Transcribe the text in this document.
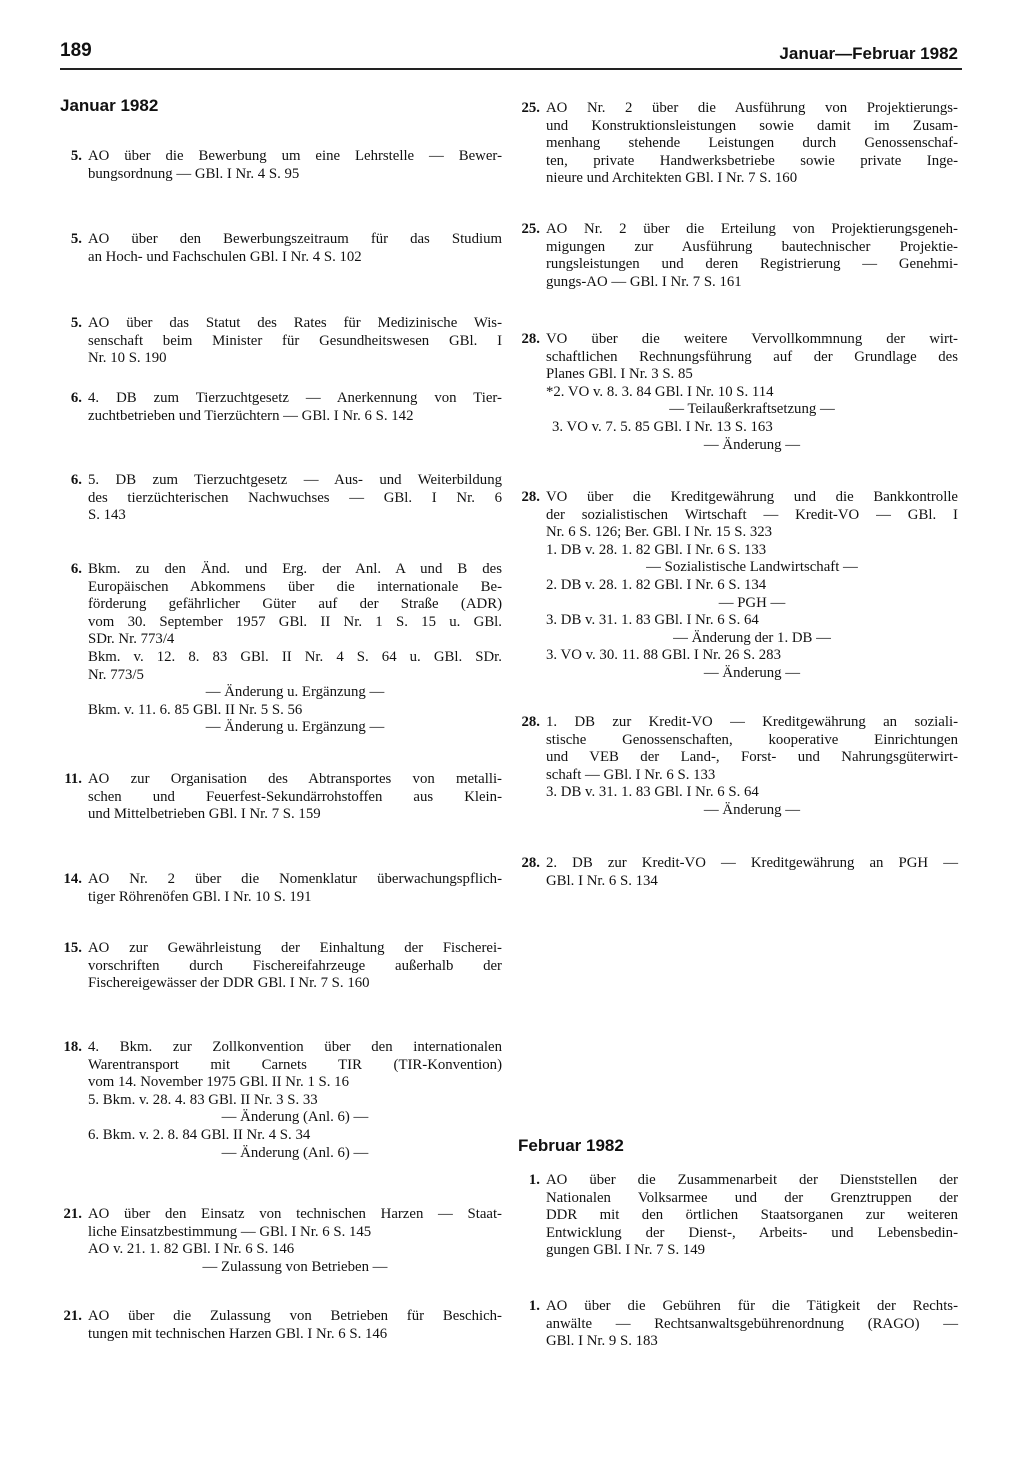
189	Januar—Februar 1982
Januar 1982
Februar 1982
5. AO über die Bewerbung um eine Lehrstelle — Bewer-
bungsordnung — GBl. I Nr. 4 S. 95
5. AO über den Bewerbungszeitraum für das Studium
an Hoch- und Fachschulen GBl. I Nr. 4 S. 102
5. AO über das Statut des Rates für Medizinische Wis-
senschaft beim Minister für Gesundheitswesen GBl. I
Nr. 10 S. 190
6. 4. DB zum Tierzuchtgesetz — Anerkennung von Tier-
zuchtbetrieben und Tierzüchtern — GBl. I Nr. 6 S. 142
6. 5. DB zum Tierzuchtgesetz — Aus- und Weiterbildung
des tierzüchterischen Nachwuchses — GBl. I Nr. 6
S. 143
6. Bkm. zu den Änd. und Erg. der Anl. A und B des
Europäischen Abkommens über die internationale Be-
förderung gefährlicher Güter auf der Straße (ADR)
vom 30. September 1957 GBl. II Nr. 1 S. 15 u. GBl.
SDr. Nr. 773/4
Bkm. v. 12. 8. 83 GBl. II Nr. 4 S. 64 u. GBl. SDr.
Nr. 773/5
— Änderung u. Ergänzung —
Bkm. v. 11. 6. 85 GBl. II Nr. 5 S. 56
— Änderung u. Ergänzung —
11. AO zur Organisation des Abtransportes von metalli-
schen und Feuerfest-Sekundärrohstoffen aus Klein-
und Mittelbetrieben GBl. I Nr. 7 S. 159
14. AO Nr. 2 über die Nomenklatur überwachungspflich-
tiger Röhrenöfen GBl. I Nr. 10 S. 191
15. AO zur Gewährleistung der Einhaltung der Fischerei-
vorschriften durch Fischereifahrzeuge außerhalb der
Fischereigewässer der DDR GBl. I Nr. 7 S. 160
18. 4. Bkm. zur Zollkonvention über den internationalen
Warentransport mit Carnets TIR (TIR-Konvention)
vom 14. November 1975 GBl. II Nr. 1 S. 16
5. Bkm. v. 28. 4. 83 GBl. II Nr. 3 S. 33
— Änderung (Anl. 6) —
6. Bkm. v. 2. 8. 84 GBl. II Nr. 4 S. 34
— Änderung (Anl. 6) —
21. AO über den Einsatz von technischen Harzen — Staat-
liche Einsatzbestimmung — GBl. I Nr. 6 S. 145
AO v. 21. 1. 82 GBl. I Nr. 6 S. 146
— Zulassung von Betrieben —
21. AO über die Zulassung von Betrieben für Beschich-
tungen mit technischen Harzen GBl. I Nr. 6 S. 146
25. AO Nr. 2 über die Ausführung von Projektierungs-
und Konstruktionsleistungen sowie damit im Zusam-
menhang stehende Leistungen durch Genossenschaf-
ten, private Handwerksbetriebe sowie private Inge-
nieure und Architekten GBl. I Nr. 7 S. 160
25. AO Nr. 2 über die Erteilung von Projektierungsgeneh-
migungen zur Ausführung bautechnischer Projektie-
rungsleistungen und deren Registrierung — Genehmi-
gungs-AO — GBl. I Nr. 7 S. 161
28. VO über die weitere Vervollkommnung der wirt-
schaftlichen Rechnungsführung auf der Grundlage des
Planes GBl. I Nr. 3 S. 85
*2. VO v. 8. 3. 84 GBl. I Nr. 10 S. 114
— Teilaußerkraftsetzung —
3. VO v. 7. 5. 85 GBl. I Nr. 13 S. 163
— Änderung —
28. VO über die Kreditgewährung und die Bankkontrolle
der sozialistischen Wirtschaft — Kredit-VO — GBl. I
Nr. 6 S. 126; Ber. GBl. I Nr. 15 S. 323
1. DB v. 28. 1. 82 GBl. I Nr. 6 S. 133
— Sozialistische Landwirtschaft —
2. DB v. 28. 1. 82 GBl. I Nr. 6 S. 134
— PGH —
3. DB v. 31. 1. 83 GBl. I Nr. 6 S. 64
— Änderung der 1. DB —
3. VO v. 30. 11. 88 GBl. I Nr. 26 S. 283
— Änderung —
28. 1. DB zur Kredit-VO — Kreditgewährung an soziali-
stische Genossenschaften, kooperative Einrichtungen
und VEB der Land-, Forst- und Nahrungsgüterwirt-
schaft — GBl. I Nr. 6 S. 133
3. DB v. 31. 1. 83 GBl. I Nr. 6 S. 64
— Änderung —
28. 2. DB zur Kredit-VO — Kreditgewährung an PGH —
GBl. I Nr. 6 S. 134
1. AO über die Zusammenarbeit der Dienststellen der
Nationalen Volksarmee und der Grenztruppen der
DDR mit den örtlichen Staatsorganen zur weiteren
Entwicklung der Dienst-, Arbeits- und Lebensbedin-
gungen GBl. I Nr. 7 S. 149
1. AO über die Gebühren für die Tätigkeit der Rechts-
anwälte — Rechtsanwaltsgebührenordnung (RAGO) —
GBl. I Nr. 9 S. 183
